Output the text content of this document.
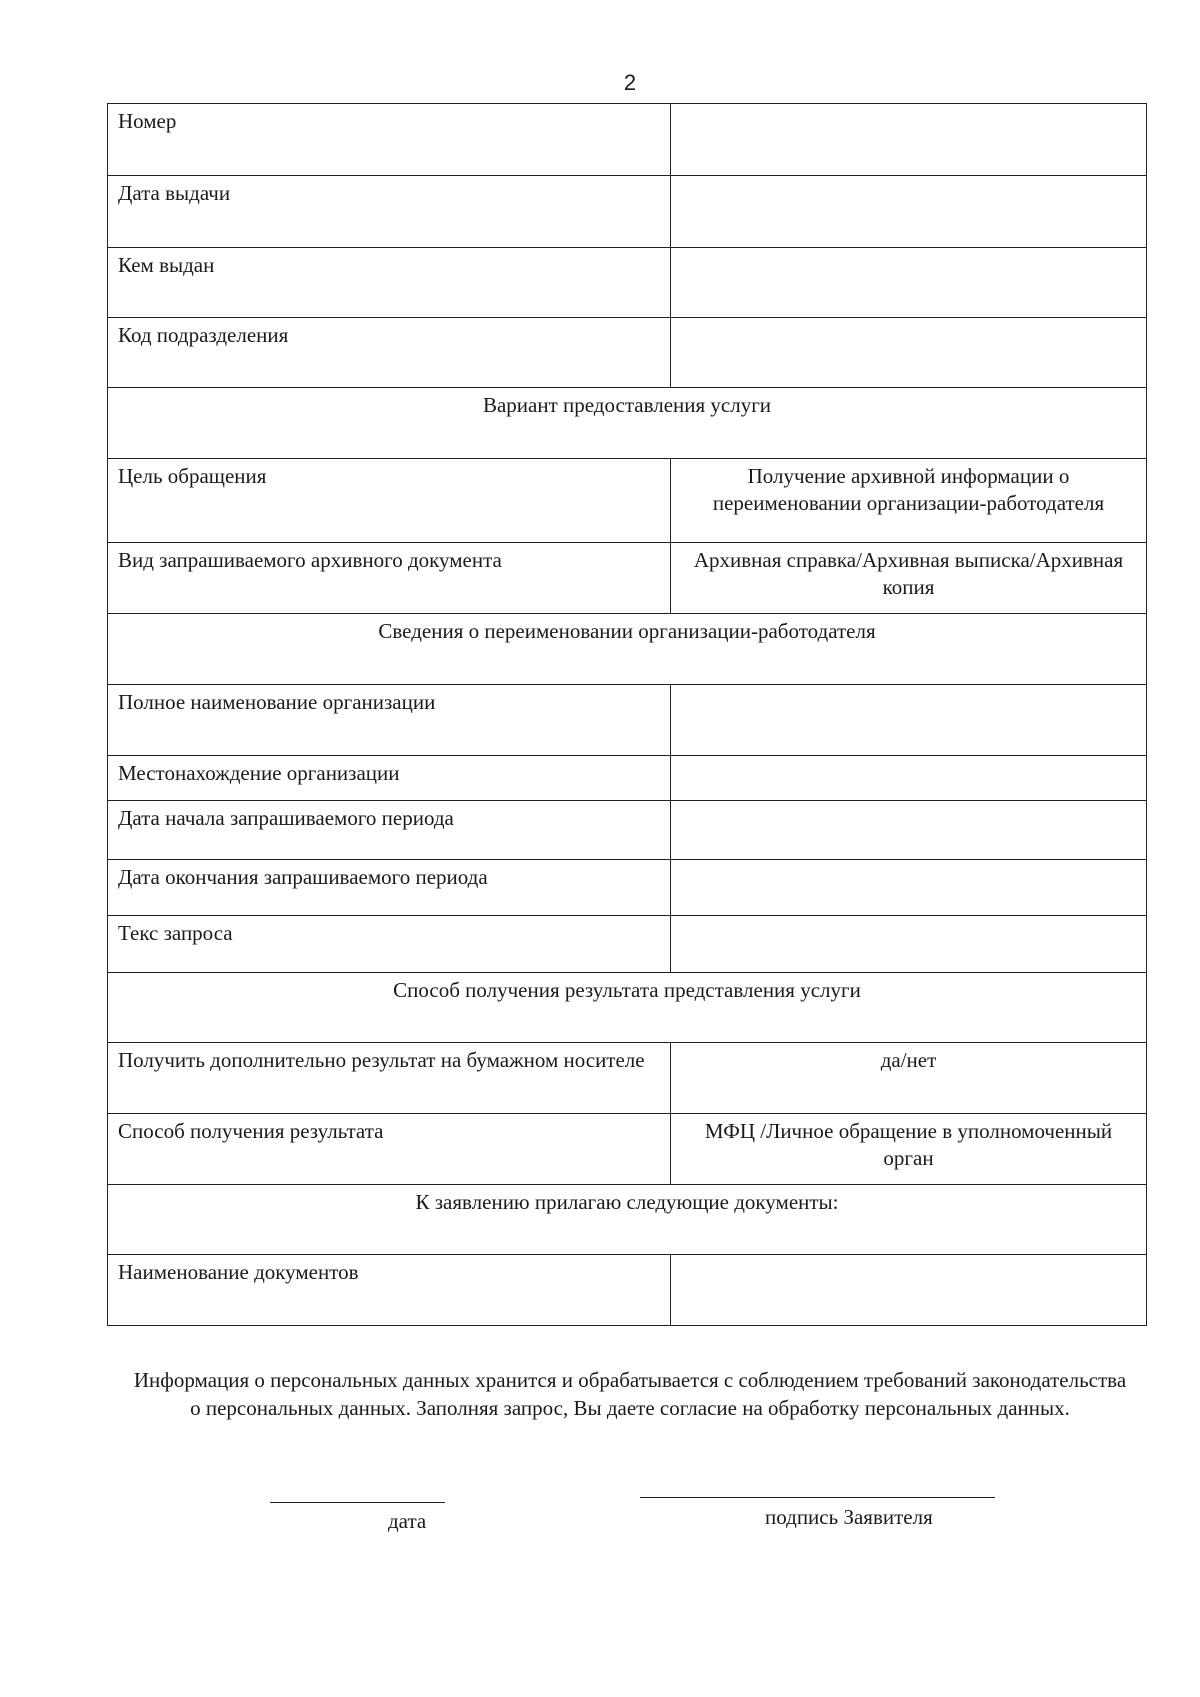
2
Номер	
Дата выдачи	
Кем выдан	
Код подразделения	
Вариант предоставления услуги	
Цель обращения	Получение архивной информации о переименовании организации-работодателя
Вид запрашиваемого архивного документа	Архивная справка/Архивная выписка/Архивная копия
Сведения о переименовании организации-работодателя	
Полное наименование организации	
Местонахождение организации	
Дата начала запрашиваемого периода	
Дата окончания запрашиваемого периода	
Текс запроса	
Способ получения результата представления услуги	
Получить дополнительно результат на бумажном носителе	да/нет
Способ получения результата	МФЦ /Личное обращение в уполномоченный орган
К заявлению прилагаю следующие документы:	
Наименование документов	
Информация о персональных данных хранится и обрабатывается с соблюдением требований законодательства о персональных данных. Заполняя запрос, Вы даете согласие на обработку персональных данных.
дата	подпись Заявителя
